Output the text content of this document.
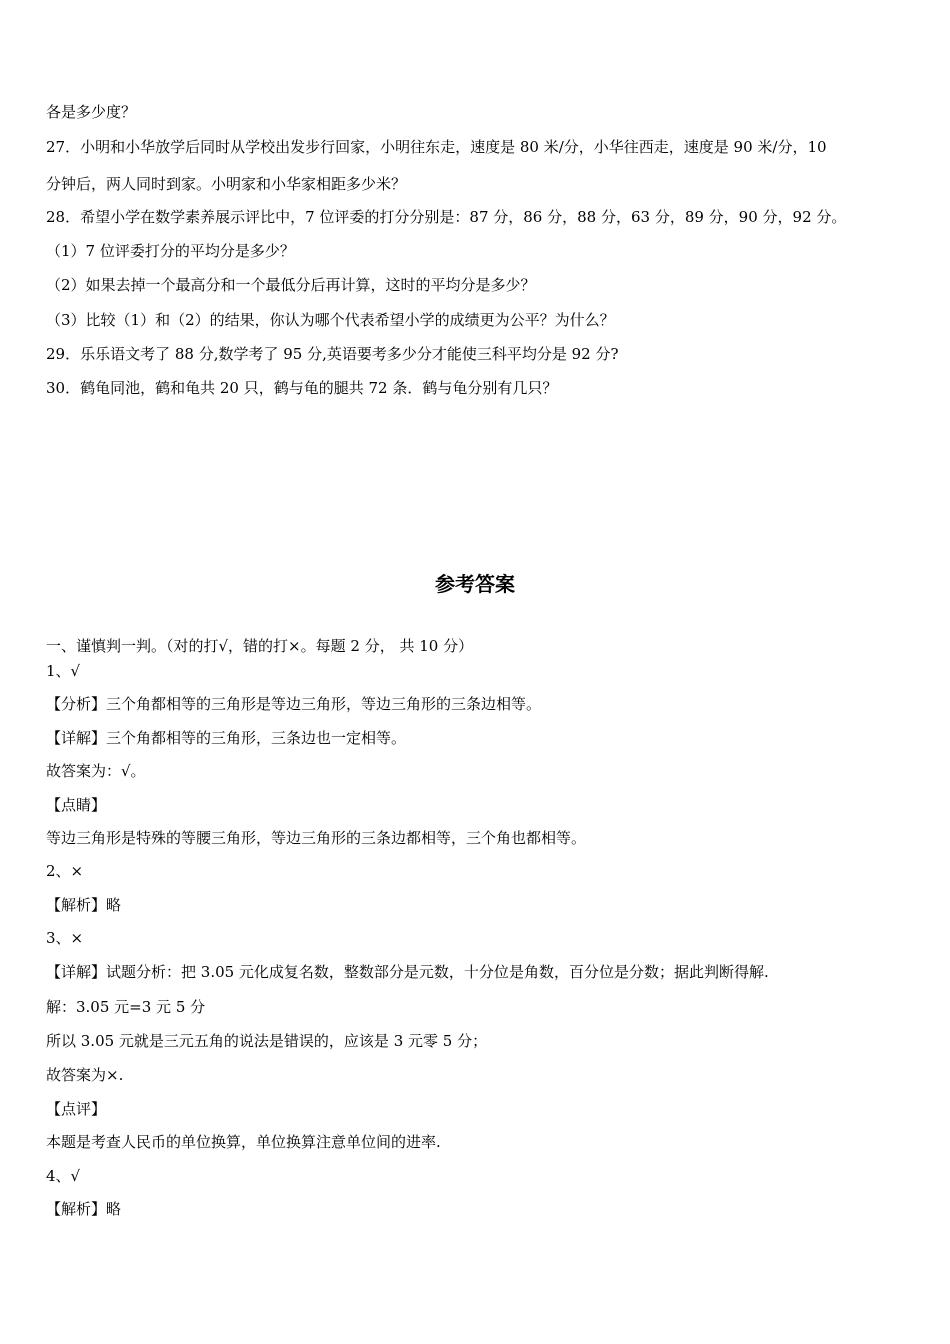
各是多少度？
27．小明和小华放学后同时从学校出发步行回家，小明往东走，速度是 80 米/分，小华往西走，速度是 90 米/分，10
分钟后，两人同时到家。小明家和小华家相距多少米？
28．希望小学在数学素养展示评比中，7 位评委的打分分别是：87 分，86 分，88 分，63 分，89 分，90 分，92 分。
（1）7 位评委打分的平均分是多少？
（2）如果去掉一个最高分和一个最低分后再计算，这时的平均分是多少？
（3）比较（1）和（2）的结果，你认为哪个代表希望小学的成绩更为公平？为什么？
29．乐乐语文考了 88 分,数学考了 95 分,英语要考多少分才能使三科平均分是 92 分?
30．鹤龟同池，鹤和龟共 20 只，鹤与龟的腿共 72 条．鹤与龟分别有几只？
参考答案
一、谨慎判一判。（对的打√，错的打×。每题 2 分， 共 10 分）
1、√
【分析】三个角都相等的三角形是等边三角形，等边三角形的三条边相等。
【详解】三个角都相等的三角形，三条边也一定相等。
故答案为：√。
【点睛】
等边三角形是特殊的等腰三角形，等边三角形的三条边都相等，三个角也都相等。
2、×
【解析】略
3、×
【详解】试题分析：把 3.05 元化成复名数，整数部分是元数，十分位是角数，百分位是分数；据此判断得解.
解：3.05 元=3 元 5 分
所以 3.05 元就是三元五角的说法是错误的，应该是 3 元零 5 分；
故答案为×.
【点评】
本题是考查人民币的单位换算，单位换算注意单位间的进率.
4、√
【解析】略
